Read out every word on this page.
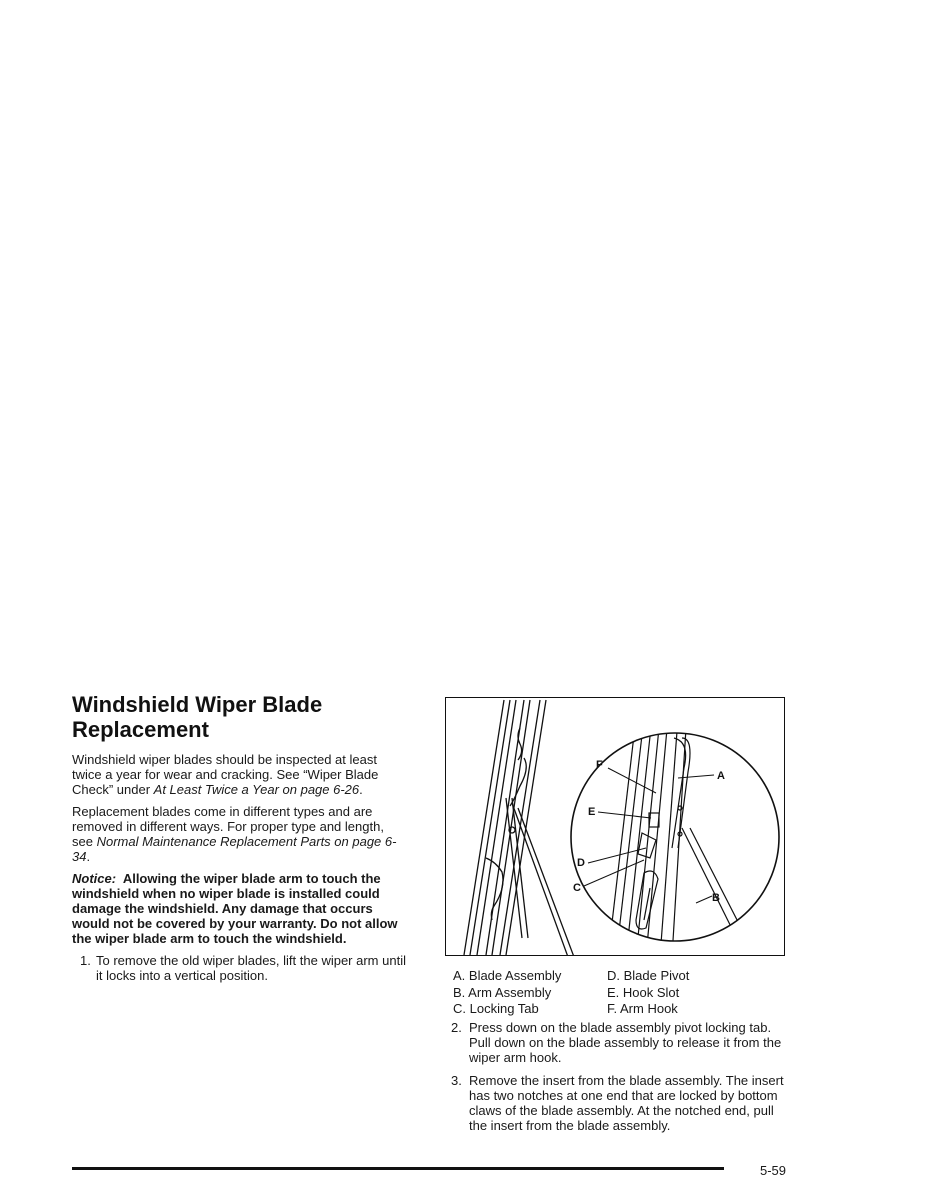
Windshield Wiper Blade
Replacement

Windshield wiper blades should be inspected at least twice a year for wear and cracking. See “Wiper Blade Check” under At Least Twice a Year on page 6-26.

Replacement blades come in different types and are removed in different ways. For proper type and length, see Normal Maintenance Replacement Parts on page 6-34.

Notice: Allowing the wiper blade arm to touch the windshield when no wiper blade is installed could damage the windshield. Any damage that occurs would not be covered by your warranty. Do not allow the wiper blade arm to touch the windshield.

1. To remove the old wiper blades, lift the wiper arm until it locks into a vertical position.
F
A
E
D
C
B
A. Blade Assembly	D. Blade Pivot
B. Arm Assembly	E. Hook Slot
C. Locking Tab	F. Arm Hook
2. Press down on the blade assembly pivot locking tab. Pull down on the blade assembly to release it from the wiper arm hook.
3. Remove the insert from the blade assembly. The insert has two notches at one end that are locked by bottom claws of the blade assembly. At the notched end, pull the insert from the blade assembly.
5-59
